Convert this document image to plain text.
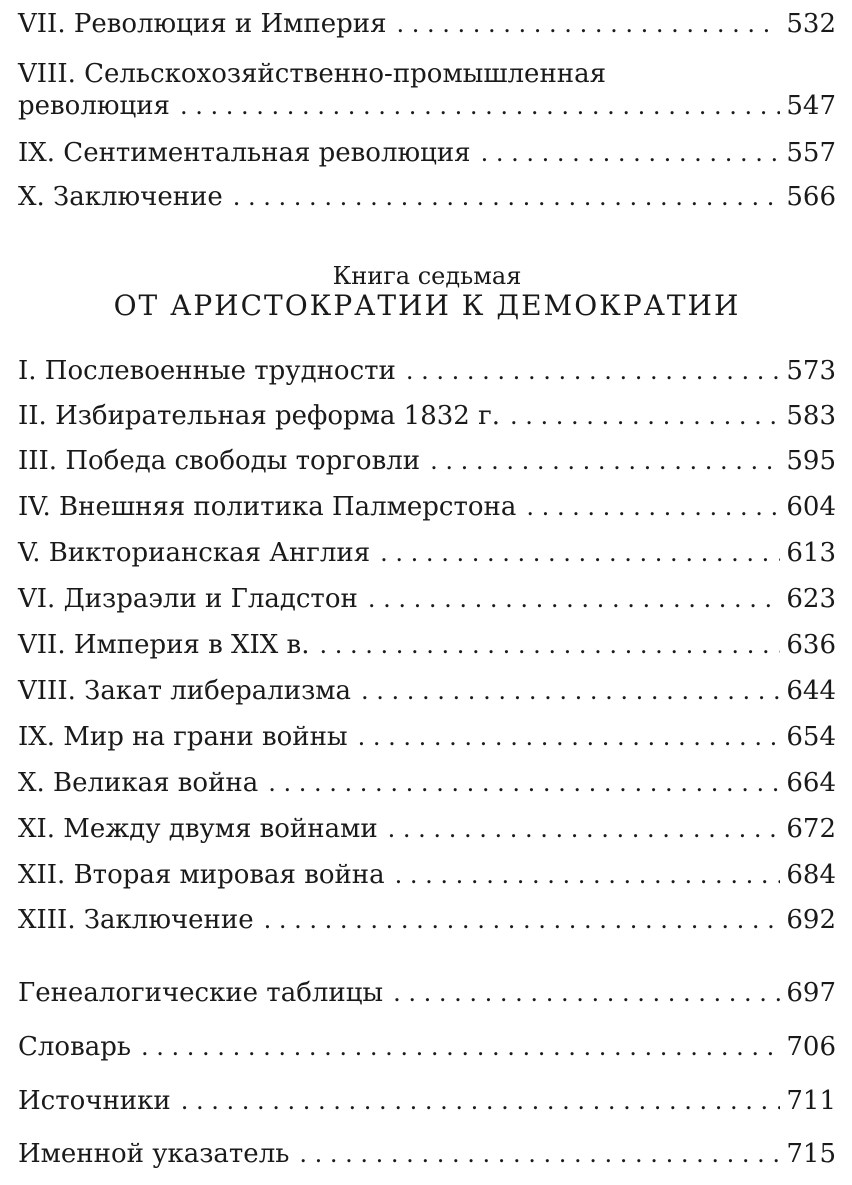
VII. Революция и Империя . . .	532
VIII. Сельскохозяйственно-промышленная
революция . . .	547
IX. Сентиментальная революция . . .	557
X. Заключение . . .	566
Книга седьмая
ОТ АРИСТОКРАТИИ К ДЕМОКРАТИИ
I. Послевоенные трудности . . .	573
II. Избирательная реформа 1832 г. . . .	583
III. Победа свободы торговли . . .	595
IV. Внешняя политика Палмерстона . . .	604
V. Викторианская Англия . . .	613
VI. Дизраэли и Гладстон . . .	623
VII. Империя в XIX в. . . .	636
VIII. Закат либерализма . . .	644
IX. Мир на грани войны . . .	654
X. Великая война . . .	664
XI. Между двумя войнами . . .	672
XII. Вторая мировая война . . .	684
XIII. Заключение . . .	692
Генеалогические таблицы . . .	697
Словарь . . .	706
Источники . . .	711
Именной указатель . . .	715
